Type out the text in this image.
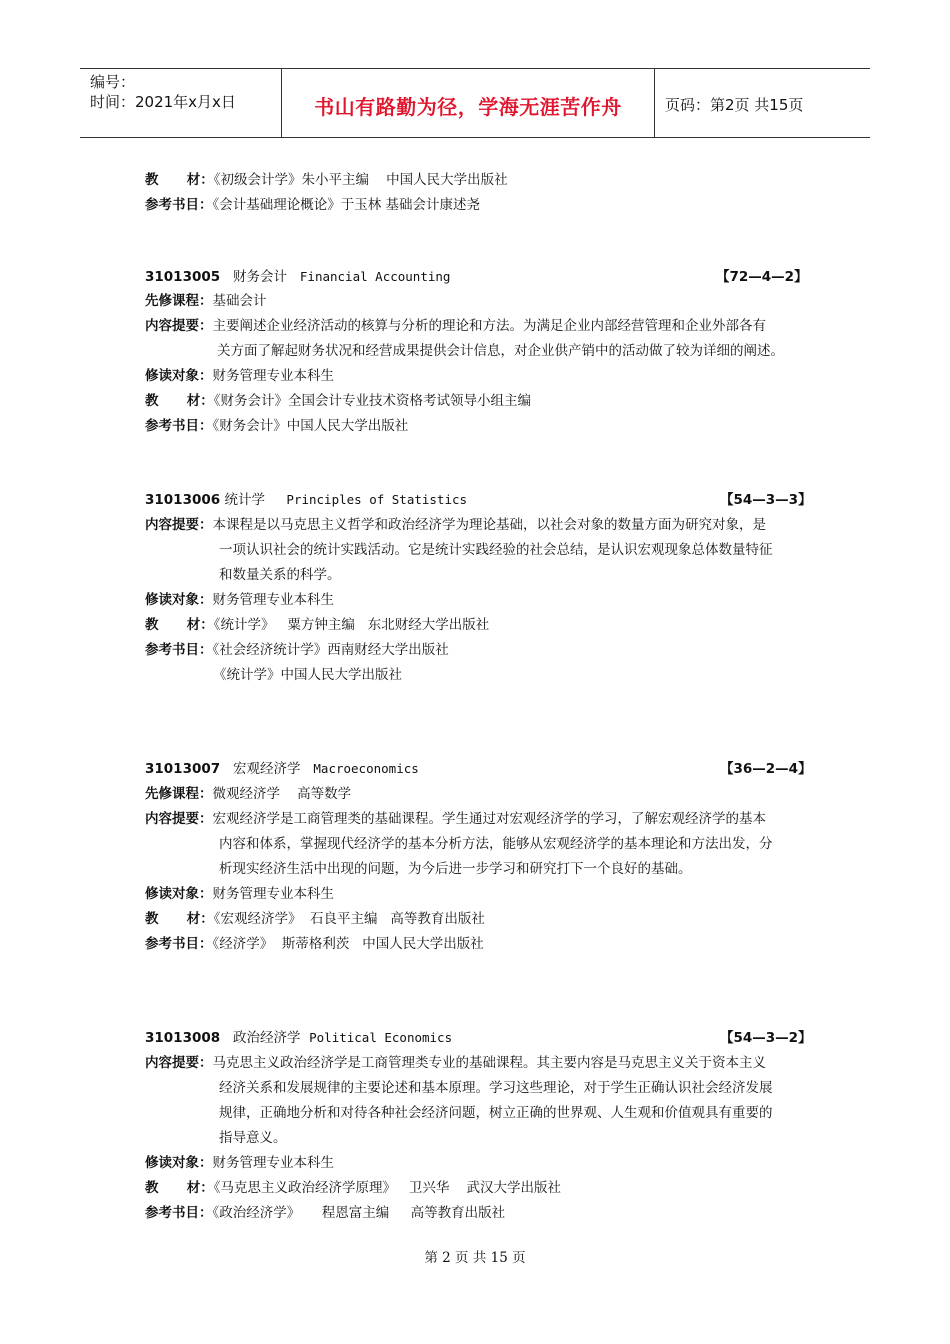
编号：
时间：2021年x月x日	书山有路勤为径，学海无涯苦作舟	页码：第2页 共15页
教      材：《初级会计学》朱小平主编    中国人民大学出版社
参考书目：《会计基础理论概论》于玉林 基础会计康述尧
31013005 财务会计 Financial Accounting	【72—4—2】
先修课程：基础会计
内容提要：主要阐述企业经济活动的核算与分析的理论和方法。为满足企业内部经营管理和企业外部各有
关方面了解起财务状况和经营成果提供会计信息，对企业供产销中的活动做了较为详细的阐述。
修读对象：财务管理专业本科生
教      材：《财务会计》全国会计专业技术资格考试领导小组主编
参考书目：《财务会计》中国人民大学出版社
31013006 统计学 Principles of Statistics	【54—3—3】
内容提要：本课程是以马克思主义哲学和政治经济学为理论基础，以社会对象的数量方面为研究对象，是
一项认识社会的统计实践活动。它是统计实践经验的社会总结，是认识宏观现象总体数量特征
和数量关系的科学。
修读对象：财务管理专业本科生
教      材：《统计学》   粟方钟主编   东北财经大学出版社
参考书目：《社会经济统计学》西南财经大学出版社
《统计学》中国人民大学出版社
31013007 宏观经济学 Macroeconomics	【36—2—4】
先修课程：微观经济学    高等数学
内容提要：宏观经济学是工商管理类的基础课程。学生通过对宏观经济学的学习，了解宏观经济学的基本
内容和体系，掌握现代经济学的基本分析方法，能够从宏观经济学的基本理论和方法出发，分
析现实经济生活中出现的问题，为今后进一步学习和研究打下一个良好的基础。
修读对象：财务管理专业本科生
教      材：《宏观经济学》  石良平主编   高等教育出版社
参考书目：《经济学》  斯蒂格利茨   中国人民大学出版社
31013008 政治经济学 Political Economics	【54—3—2】
内容提要：马克思主义政治经济学是工商管理类专业的基础课程。其主要内容是马克思主义关于资本主义
经济关系和发展规律的主要论述和基本原理。学习这些理论，对于学生正确认识社会经济发展
规律，正确地分析和对待各种社会经济问题，树立正确的世界观、人生观和价值观具有重要的
指导意义。
修读对象：财务管理专业本科生
教      材：《马克思主义政治经济学原理》   卫兴华    武汉大学出版社
参考书目：《政治经济学》     程恩富主编     高等教育出版社
第 2 页 共 15 页
